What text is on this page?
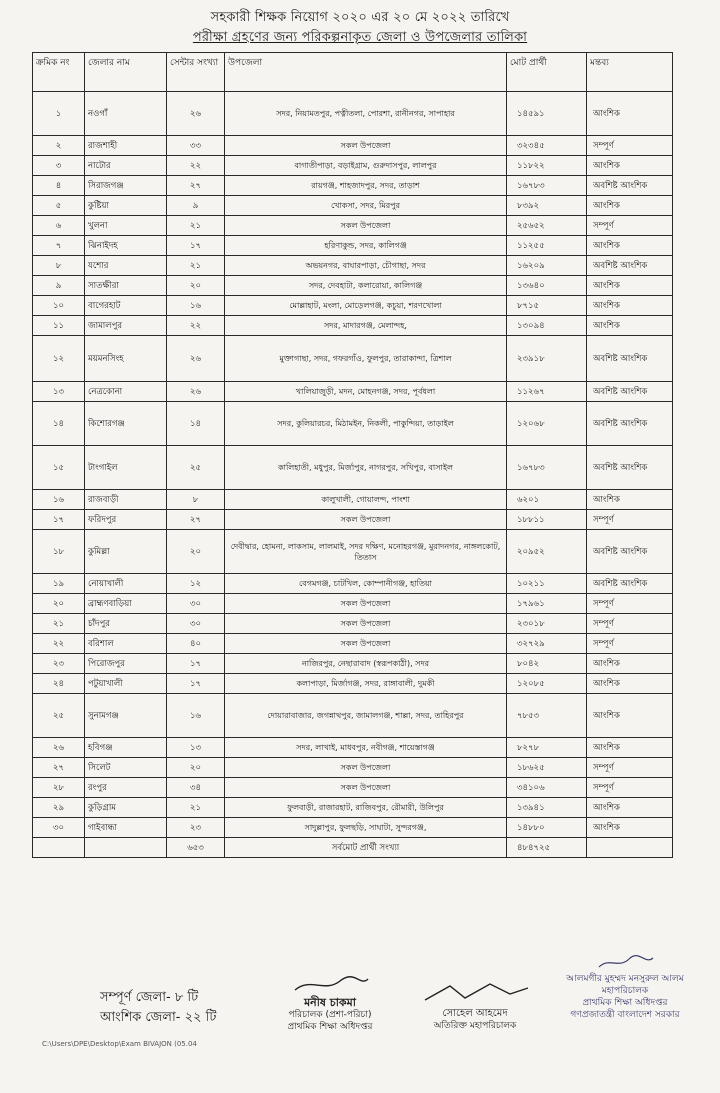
সহকারী শিক্ষক নিয়োগ ২০২০ এর ২০ মে ২০২২ তারিখে
পরীক্ষা গ্রহণের জন্য পরিকল্পনাকৃত জেলা ও উপজেলার তালিকা
ক্রমিক নং	জেলার নাম	সেন্টার সংখ্যা	উপজেলা	মোট প্রার্থী	মন্তব্য
১	নওগাঁ	২৬	সদর, নিয়ামতপুর, পত্নীতলা, পোরশা, রানীনগর, সাপাহার	১৪৫৯১	আংশিক
২	রাজশাহী	৩৩	সকল উপজেলা	৩২৩৪৫	সম্পূর্ণ
৩	নাটোর	২২	বাগাতীপাড়া, বড়াইগ্রাম, গুরুদাসপুর, লালপুর	১১৮২২	আংশিক
৪	সিরাজগঞ্জ	২৭	রায়গঞ্জ, শাহজাদপুর, সদর, তাড়াশ	১৬৭৮৩	অবশিষ্ট আংশিক
৫	কুষ্টিয়া	৯	খোকসা, সদর, মিরপুর	৮৩৯২	আংশিক
৬	খুলনা	২১	সকল উপজেলা	২৫৬৫২	সম্পূর্ণ
৭	ঝিনাইদহ	১৭	হরিণাকুন্ড, সদর, কালিগঞ্জ	১১২৫৫	আংশিক
৮	যশোর	২১	অভয়নগর, বাঘারপাড়া, চৌগাছা, সদর	১৬২০৯	অবশিষ্ট আংশিক
৯	সাতক্ষীরা	২০	সদর, দেবহাটা, কলারোয়া, কালিগঞ্জ	১৩৬৪০	আংশিক
১০	বাগেরহাট	১৬	মোল্লাহাট, মংলা, মোড়েলগঞ্জ, কচুয়া, শরণখোলা	৮৭১৫	আংশিক
১১	জামালপুর	২২	সদর, মাদারগঞ্জ, মেলান্দহ,	১৩০৯৪	আংশিক
১২	ময়মনসিংহ	২৬	মুক্তাগাছা, সদর, গফরগাঁও, ফুলপুর, তারাকান্দা, ত্রিশাল	২৩৯১৮	অবশিষ্ট আংশিক
১৩	নেত্রকোনা	২৬	খালিয়াজুড়ী, মদন, মোহনগঞ্জ, সদর, পূর্বধলা	১১২৬৭	অবশিষ্ট আংশিক
১৪	কিশোরগঞ্জ	১৪	সদর, কুলিয়ারচর, মিঠামইন, নিকলী, পাকুন্দিয়া, তাড়াইল	১২০৬৮	অবশিষ্ট আংশিক
১৫	টাংগাইল	২৫	কালিহাতী, মধুপুর, মির্জাপুর, নাগরপুর, সখিপুর, বাসাইল	১৬৭৮৩	অবশিষ্ট আংশিক
১৬	রাজবাড়ী	৮	কালুখালী, গোয়ালন্দ, পাংশা	৬২০১	আংশিক
১৭	ফরিদপুর	২৭	সকল উপজেলা	১৮৮১১	সম্পূর্ণ
১৮	কুমিল্লা	২০	দেবীদ্বার, হোমনা, লাকসাম, লালমাই, সদর দক্ষিণ, মনোহরগঞ্জ, মুরাদনগর, নাঙ্গলকোট, তিতাস	২০৯৫২	অবশিষ্ট আংশিক
১৯	নোয়াখালী	১২	বেগমগঞ্জ, চাটখিল, কোম্পানীগঞ্জ, হাতিয়া	১০২১১	অবশিষ্ট আংশিক
২০	ব্রাহ্মণবাড়িয়া	৩০	সকল উপজেলা	১৭৯৬১	সম্পূর্ণ
২১	চাঁদপুর	৩০	সকল উপজেলা	২৩০১৮	সম্পূর্ণ
২২	বরিশাল	৪০	সকল উপজেলা	৩২৭২৯	সম্পূর্ণ
২৩	পিরোজপুর	১৭	নাজিরপুর, নেছারাবাদ (স্বরূপকাঠী), সদর	৮০৪২	আংশিক
২৪	পটুয়াখালী	১৭	কলাপাড়া, মির্জাগঞ্জ, সদর, রাঙ্গাবালী, দুমকী	১২০৮৫	আংশিক
২৫	সুনামগঞ্জ	১৬	দোয়ারাবাজার, জগন্নাথপুর, জামালগঞ্জ, শাল্লা, সদর, তাহিরপুর	৭৮৫৩	আংশিক
২৬	হবিগঞ্জ	১৩	সদর, লাখাই, মাধবপুর, নবীগঞ্জ, শায়েস্তাগঞ্জ	৮২৭৮	আংশিক
২৭	সিলেট	২০	সকল উপজেলা	১৮৬২৫	সম্পূর্ণ
২৮	রংপুর	৩৪	সকল উপজেলা	৩৪১০৬	সম্পূর্ণ
২৯	কুড়িগ্রাম	২১	ফুলবাড়ী, রাজারহাট, রাজিবপুর, রৌমারী, উলিপুর	১৩৯৪১	আংশিক
৩০	গাইবান্ধা	২৩	সাদুল্লাপুর, ফুলছড়ি, সাঘাটা, সুন্দরগঞ্জ,	১৪৮৮০	আংশিক
		৬৫৩	সর্বমোট প্রার্থী সংখ্যা	৪৮৪৭২৫	
সম্পূর্ণ জেলা- ৮ টি
আংশিক জেলা- ২২ টি
মনীষ চাকমা
পরিচালক (প্রশা-পরিচা)
প্রাথমিক শিক্ষা অধিদপ্তর
সোহেল আহমেদ
অতিরিক্ত মহাপরিচালক
আলমগীর মুহম্মদ মনসুরুল আলম
মহাপরিচালক
প্রাথমিক শিক্ষা অধিদপ্তর
গণপ্রজাতন্ত্রী বাংলাদেশ সরকার
C:\Users\DPE\Desktop\Exam BIVAJON (05.04
